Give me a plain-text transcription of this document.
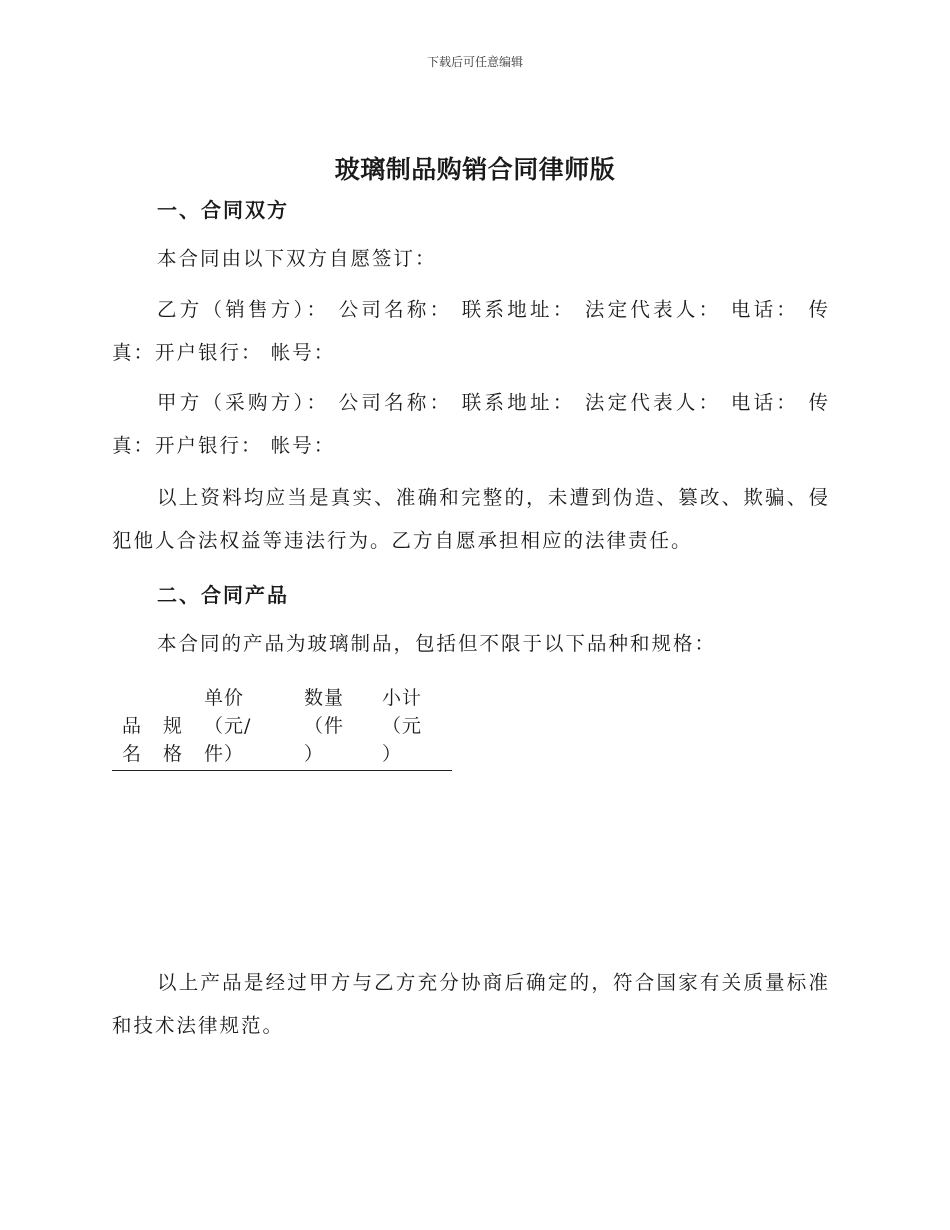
下载后可任意编辑
玻璃制品购销合同律师版
一、合同双方
本合同由以下双方自愿签订：
乙方（销售方）： 公司名称： 联系地址： 法定代表人： 电话： 传真：开户银行： 帐号：
甲方（采购方）： 公司名称： 联系地址： 法定代表人： 电话： 传真：开户银行： 帐号：
以上资料均应当是真实、准确和完整的，未遭到伪造、篡改、欺骗、侵犯他人合法权益等违法行为。乙方自愿承担相应的法律责任。
二、合同产品
本合同的产品为玻璃制品，包括但不限于以下品种和规格：
品
名
规
格
单价
（元/
件）
数量
（件
）
小计
（元
）
以上产品是经过甲方与乙方充分协商后确定的，符合国家有关质量标准和技术法律规范。
